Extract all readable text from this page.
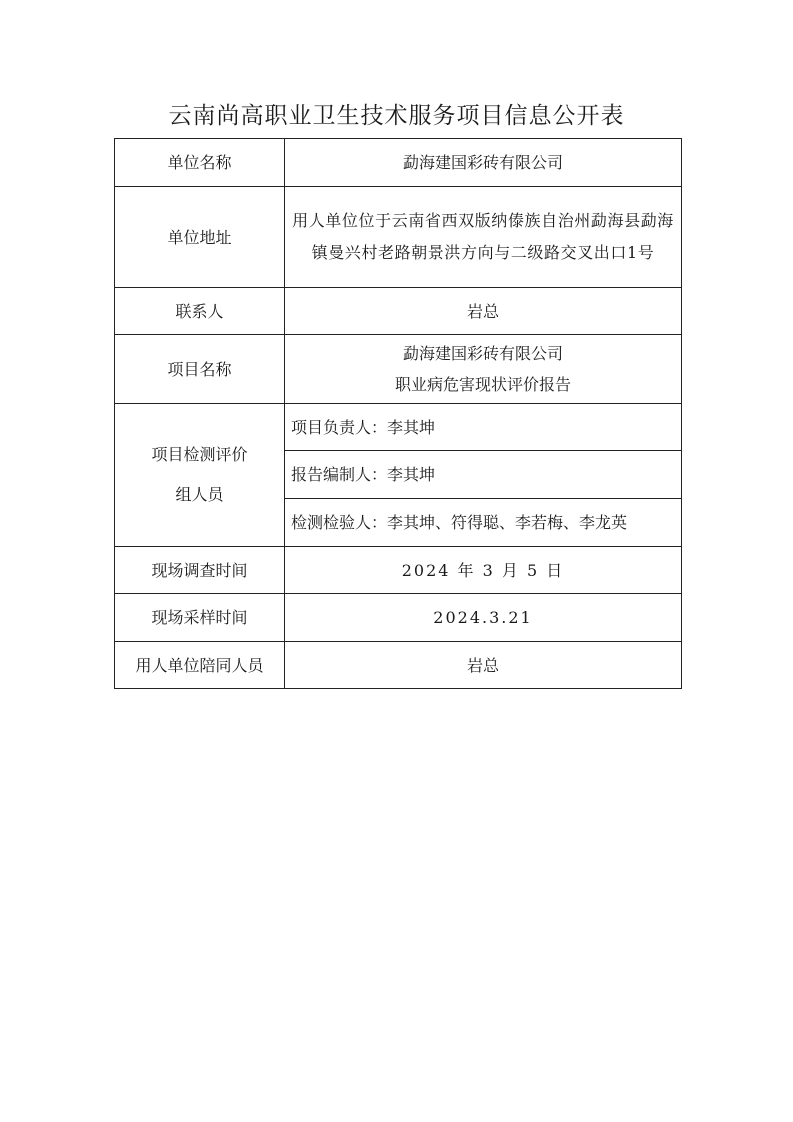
云南尚高职业卫生技术服务项目信息公开表
单位名称	勐海建国彩砖有限公司
单位地址	用人单位位于云南省西双版纳傣族自治州勐海县勐海镇曼兴村老路朝景洪方向与二级路交叉出口1号
联系人	岩总
项目名称	勐海建国彩砖有限公司
职业病危害现状评价报告

项目检测评价
组人员	项目负责人：李其坤
	报告编制人：李其坤
	检测检验人：李其坤、符得聪、李若梅、李龙英
现场调查时间	2024 年 3 月 5 日
现场采样时间	2024.3.21
用人单位陪同人员	岩总
